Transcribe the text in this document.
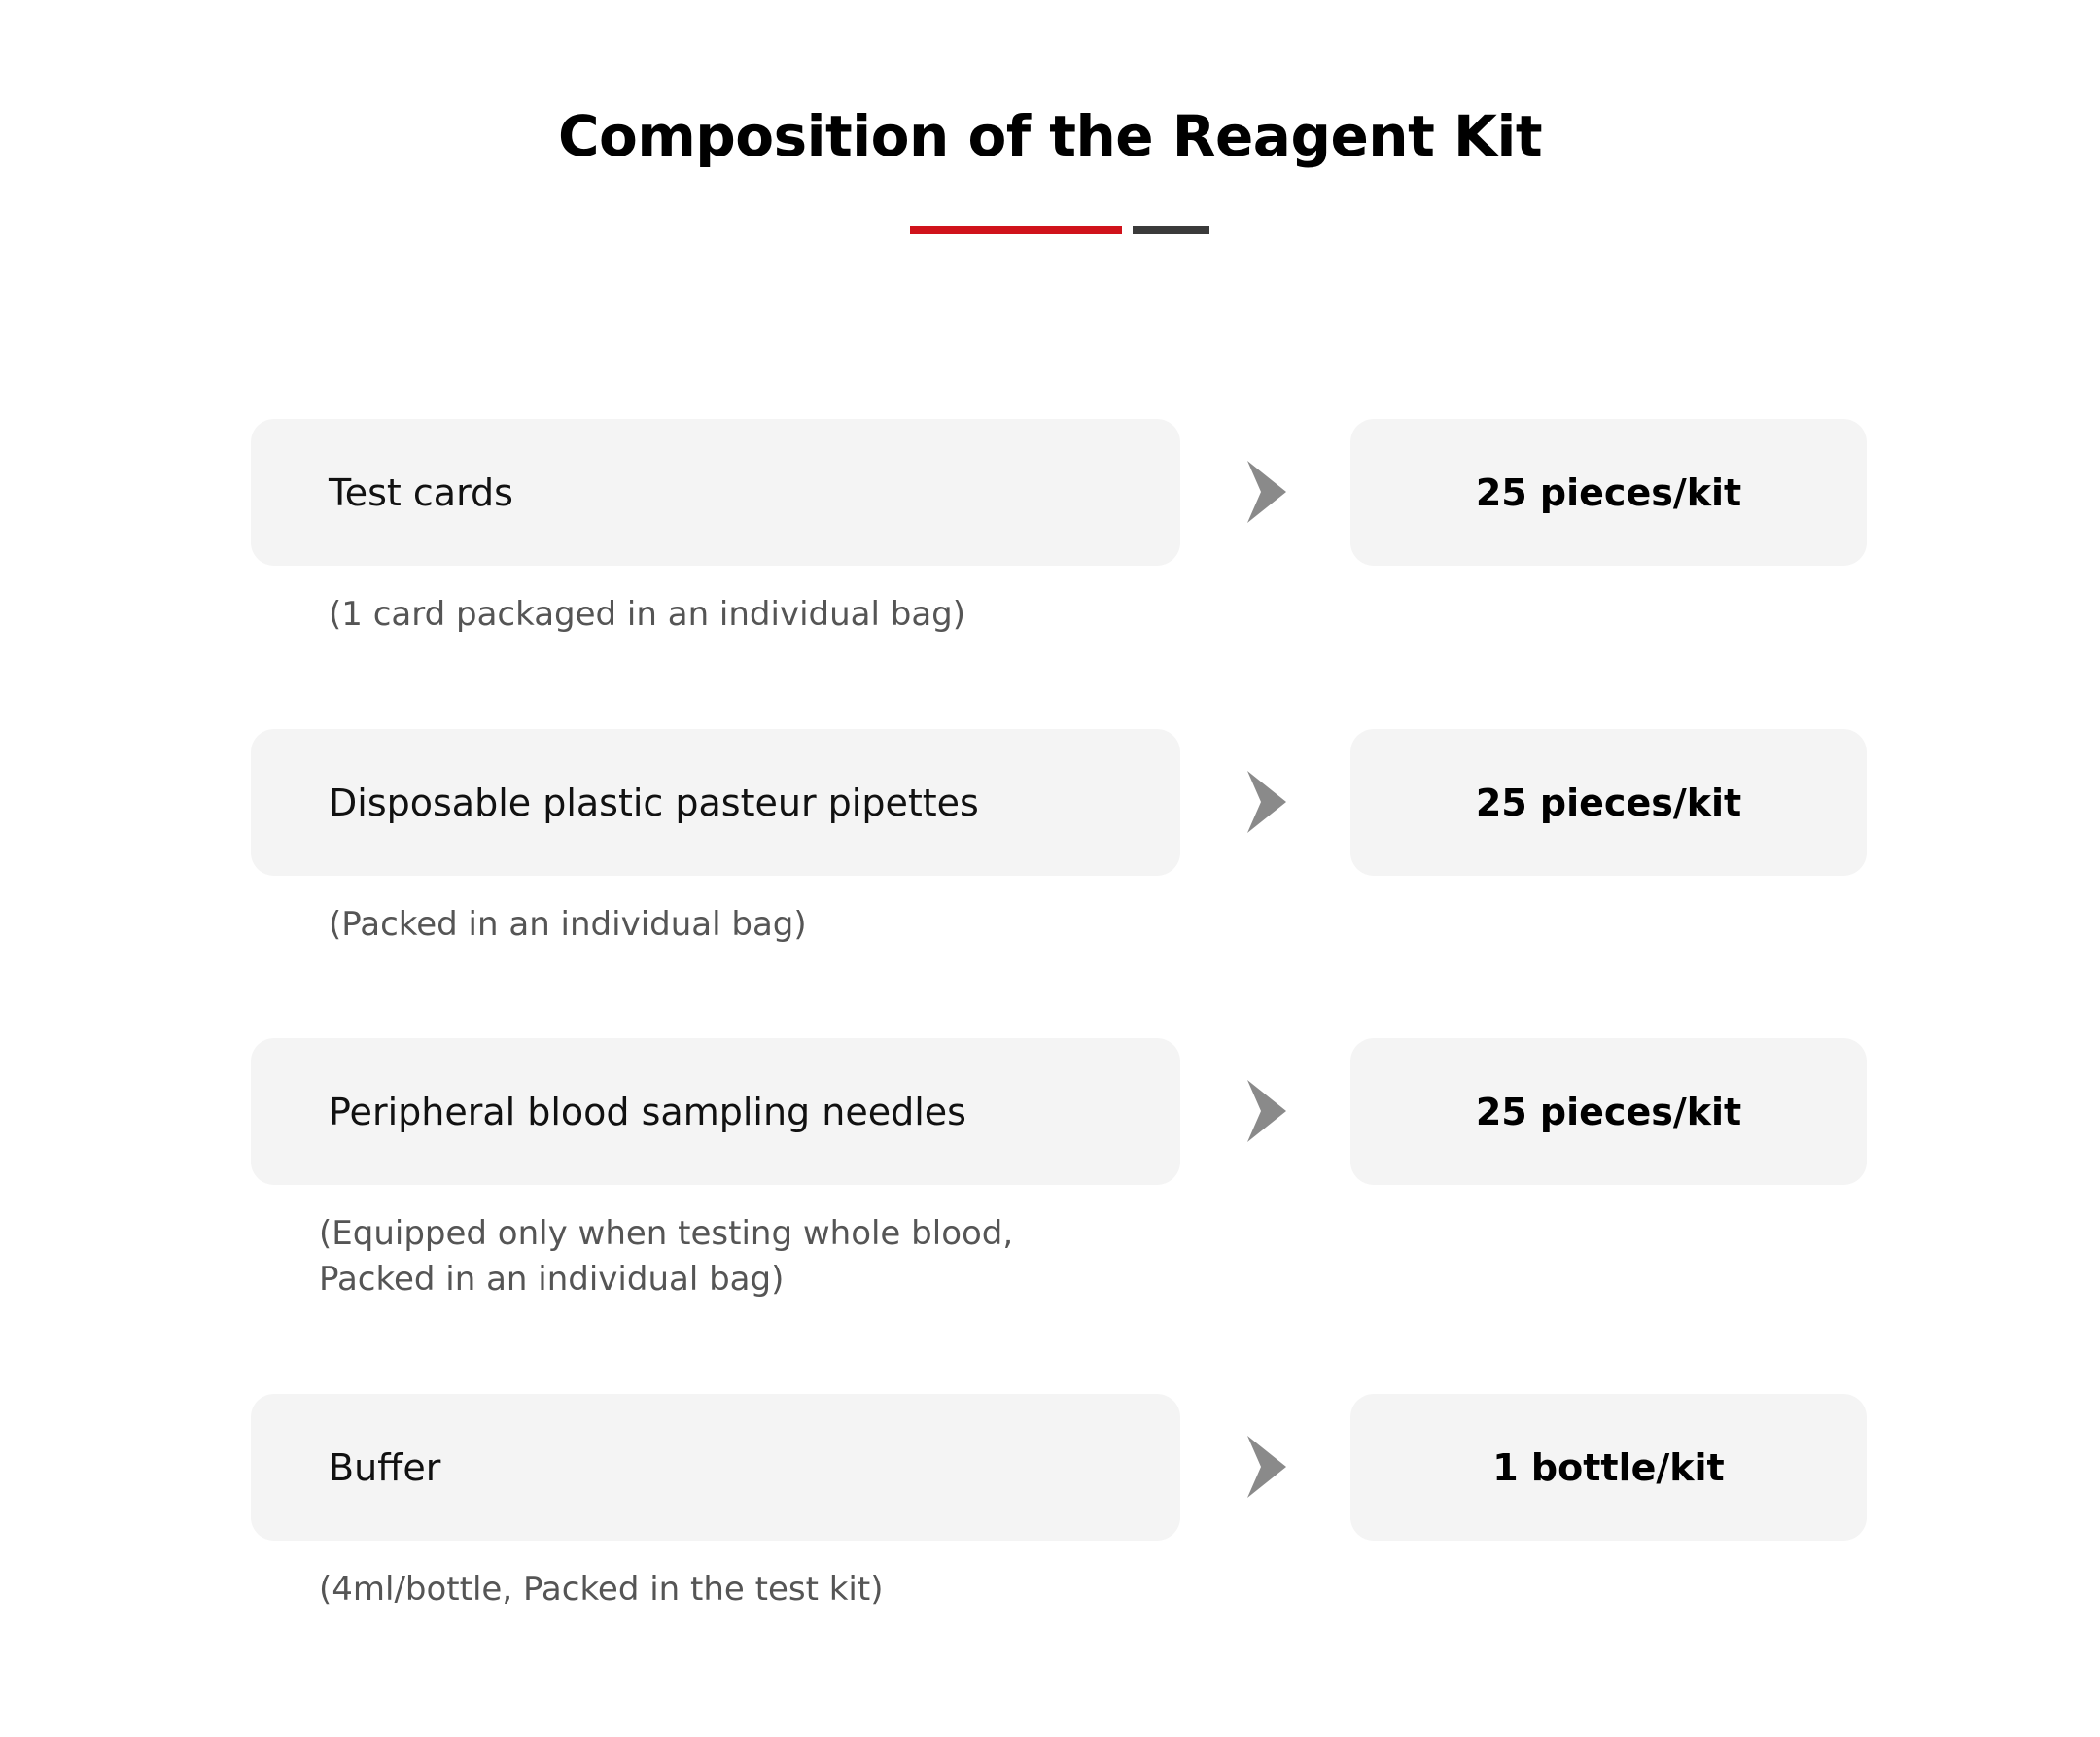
Composition of the Reagent Kit
Test cards	25 pieces/kit
(1 card packaged in an individual bag)
Disposable plastic pasteur pipettes	25 pieces/kit
(Packed in an individual bag)
Peripheral blood sampling needles	25 pieces/kit
(Equipped only when testing whole blood,
Packed in an individual bag)
Buffer	1 bottle/kit
(4ml/bottle, Packed in the test kit)
